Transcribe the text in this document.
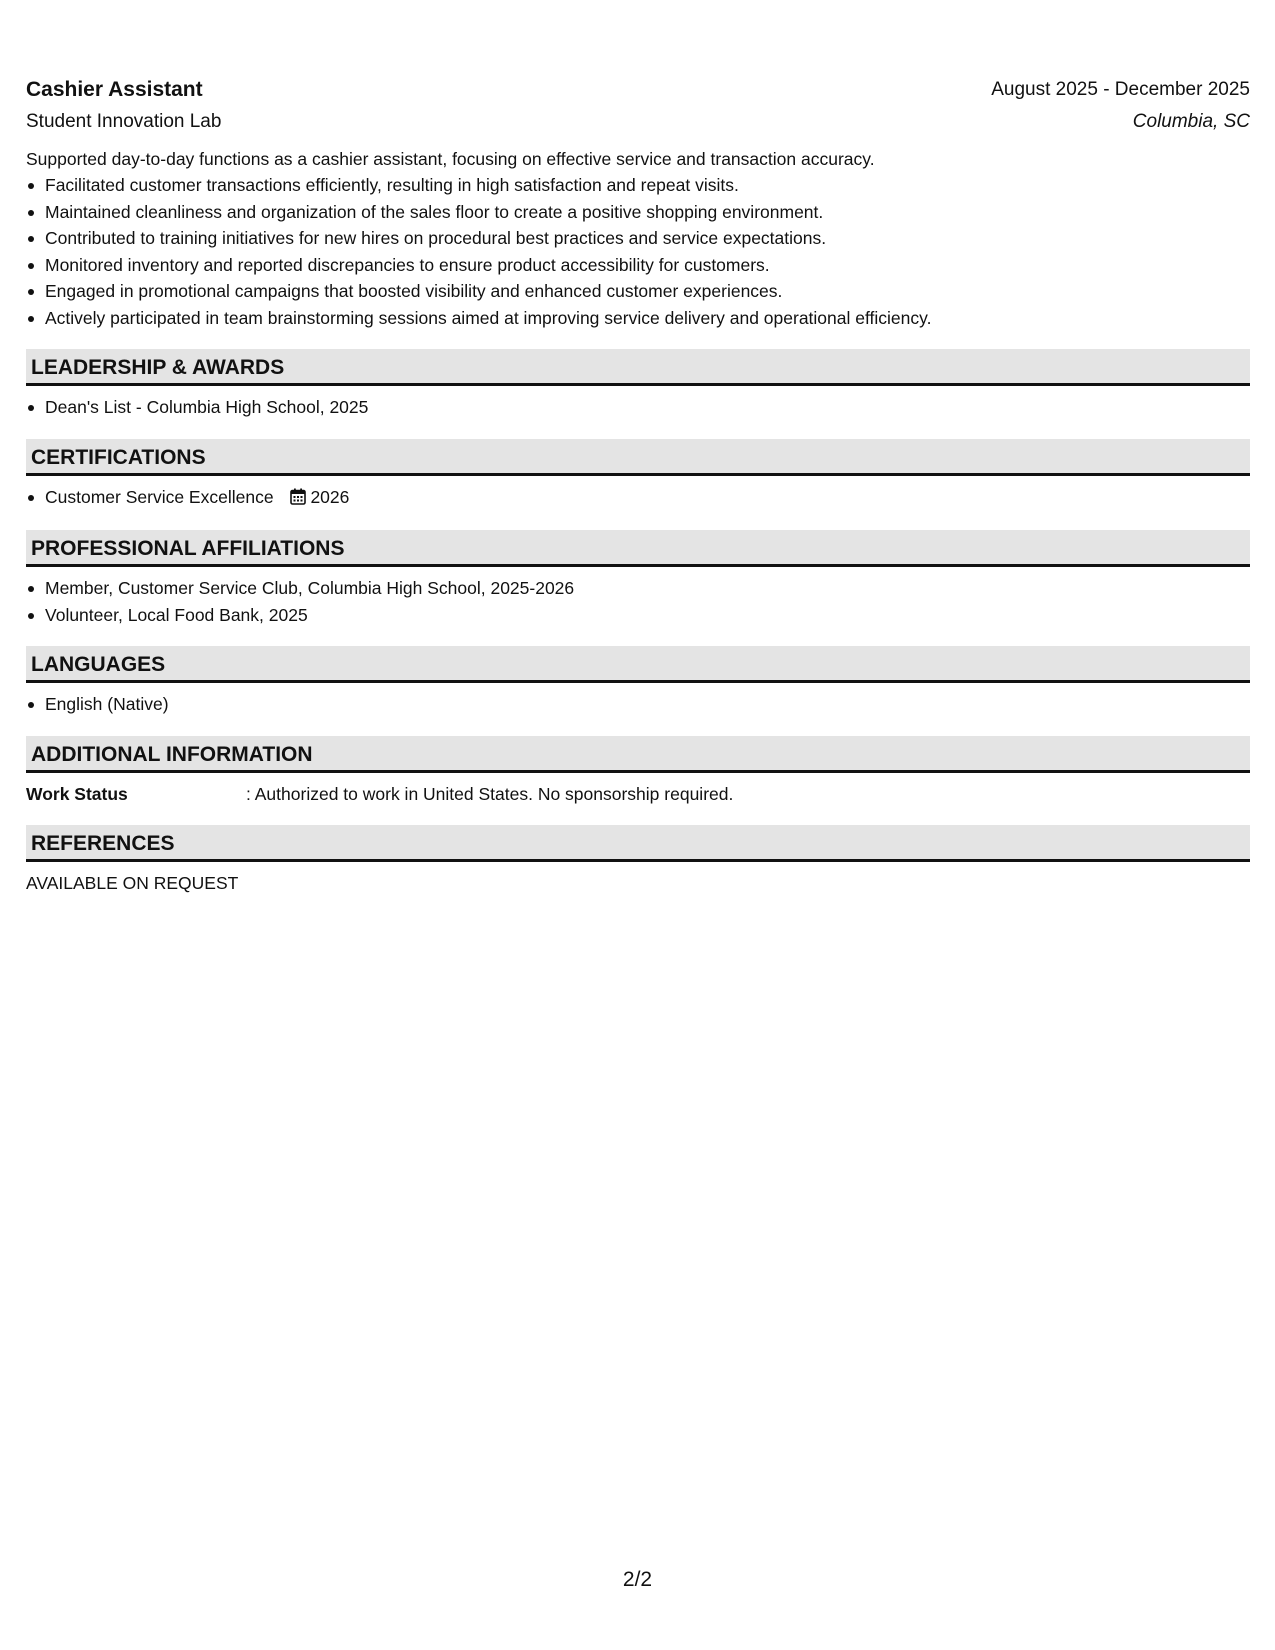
Cashier Assistant	August 2025 - December 2025
Student Innovation Lab	Columbia, SC
Supported day-to-day functions as a cashier assistant, focusing on effective service and transaction accuracy.
Facilitated customer transactions efficiently, resulting in high satisfaction and repeat visits.
Maintained cleanliness and organization of the sales floor to create a positive shopping environment.
Contributed to training initiatives for new hires on procedural best practices and service expectations.
Monitored inventory and reported discrepancies to ensure product accessibility for customers.
Engaged in promotional campaigns that boosted visibility and enhanced customer experiences.
Actively participated in team brainstorming sessions aimed at improving service delivery and operational efficiency.
LEADERSHIP & AWARDS
Dean's List - Columbia High School, 2025
CERTIFICATIONS
Customer Service Excellence 2026
PROFESSIONAL AFFILIATIONS
Member, Customer Service Club, Columbia High School, 2025-2026
Volunteer, Local Food Bank, 2025
LANGUAGES
English (Native)
ADDITIONAL INFORMATION
Work Status	: Authorized to work in United States. No sponsorship required.
REFERENCES
AVAILABLE ON REQUEST
2/2
